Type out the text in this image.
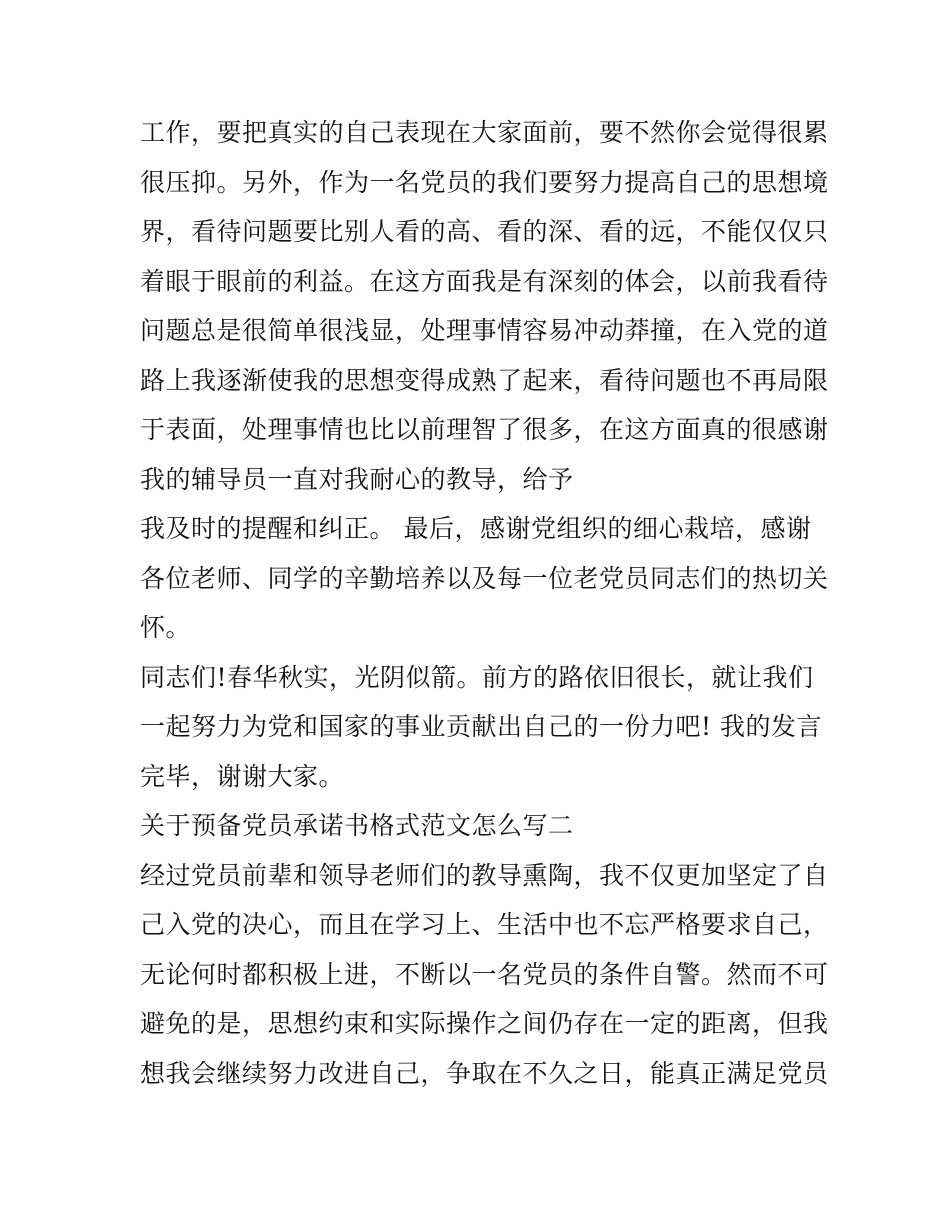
工作，要把真实的自己表现在大家面前，要不然你会觉得很累
很压抑。另外，作为一名党员的我们要努力提高自己的思想境
界，看待问题要比别人看的高、看的深、看的远，不能仅仅只
着眼于眼前的利益。在这方面我是有深刻的体会，以前我看待
问题总是很简单很浅显，处理事情容易冲动莽撞，在入党的道
路上我逐渐使我的思想变得成熟了起来，看待问题也不再局限
于表面，处理事情也比以前理智了很多，在这方面真的很感谢
我的辅导员一直对我耐心的教导，给予
我及时的提醒和纠正。 最后，感谢党组织的细心栽培，感谢
各位老师、同学的辛勤培养以及每一位老党员同志们的热切关
怀。
同志们!春华秋实，光阴似箭。前方的路依旧很长，就让我们
一起努力为党和国家的事业贡献出自己的一份力吧! 我的发言
完毕，谢谢大家。
关于预备党员承诺书格式范文怎么写二
经过党员前辈和领导老师们的教导熏陶，我不仅更加坚定了自
己入党的决心，而且在学习上、生活中也不忘严格要求自己，
无论何时都积极上进，不断以一名党员的条件自警。然而不可
避免的是，思想约束和实际操作之间仍存在一定的距离，但我
想我会继续努力改进自己，争取在不久之日，能真正满足党员
